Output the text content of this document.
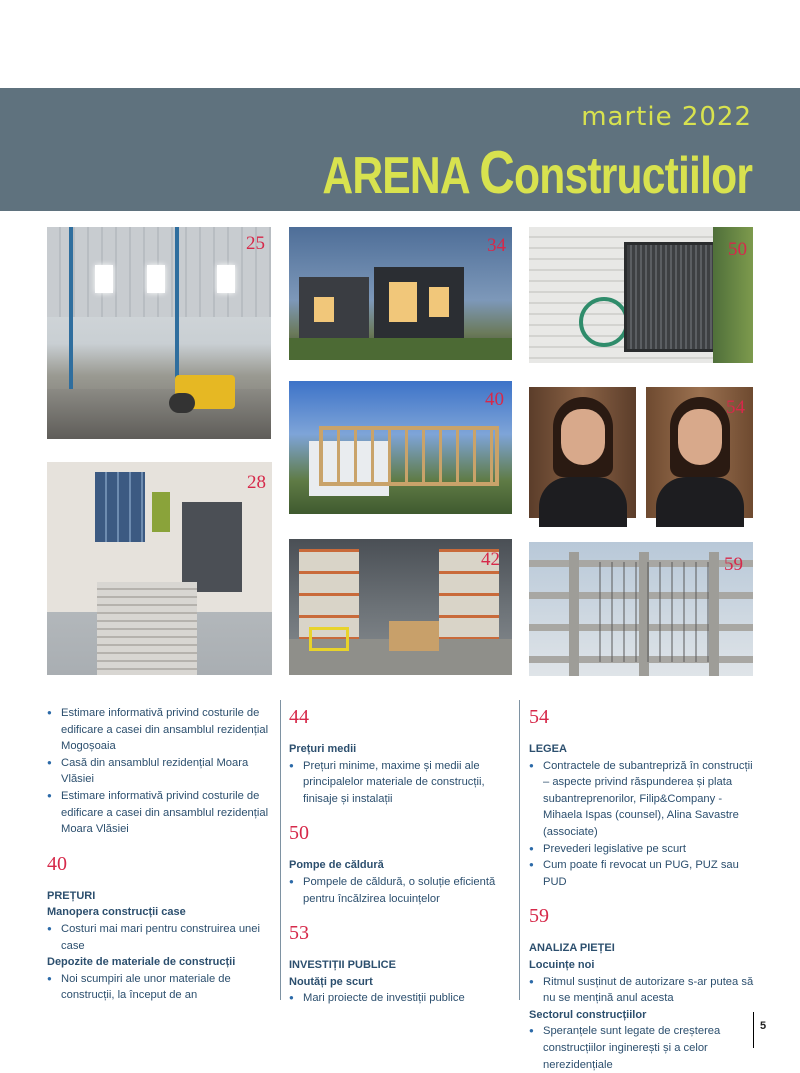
martie 2022
ARENA Constructiilor
25	34	50
40	54
28
42	59
● Estimare informativă privind costurile de edificare a casei din ansamblul rezidențial Mogoșoaia
● Casă din ansamblul rezidențial Moara Vlăsiei
● Estimare informativă privind costurile de edificare a casei din ansamblul rezidențial Moara Vlăsiei
40
PREȚURI
Manopera construcții case
● Costuri mai mari pentru construirea unei case
Depozite de materiale de construcții
● Noi scumpiri ale unor materiale de construcții, la început de an
44
Prețuri medii
● Prețuri minime, maxime și medii ale principalelor materiale de construcții, finisaje și instalații
50
Pompe de căldură
● Pompele de căldură, o soluție eficientă pentru încălzirea locuințelor
53
INVESTIȚII PUBLICE
Noutăți pe scurt
● Mari proiecte de investiții publice
54
LEGEA
● Contractele de subantrepriză în construcții – aspecte privind răspunderea și plata subantreprenorilor, Filip&Company - Mihaela Ispas (counsel), Alina Savastre (associate)
● Prevederi legislative pe scurt
● Cum poate fi revocat un PUG, PUZ sau PUD
59
ANALIZA PIEȚEI
Locuințe noi
● Ritmul susținut de autorizare s-ar putea să nu se mențină anul acesta
Sectorul construcțiilor
● Speranțele sunt legate de creșterea construcțiilor inginerești și a celor nerezidențiale
5
